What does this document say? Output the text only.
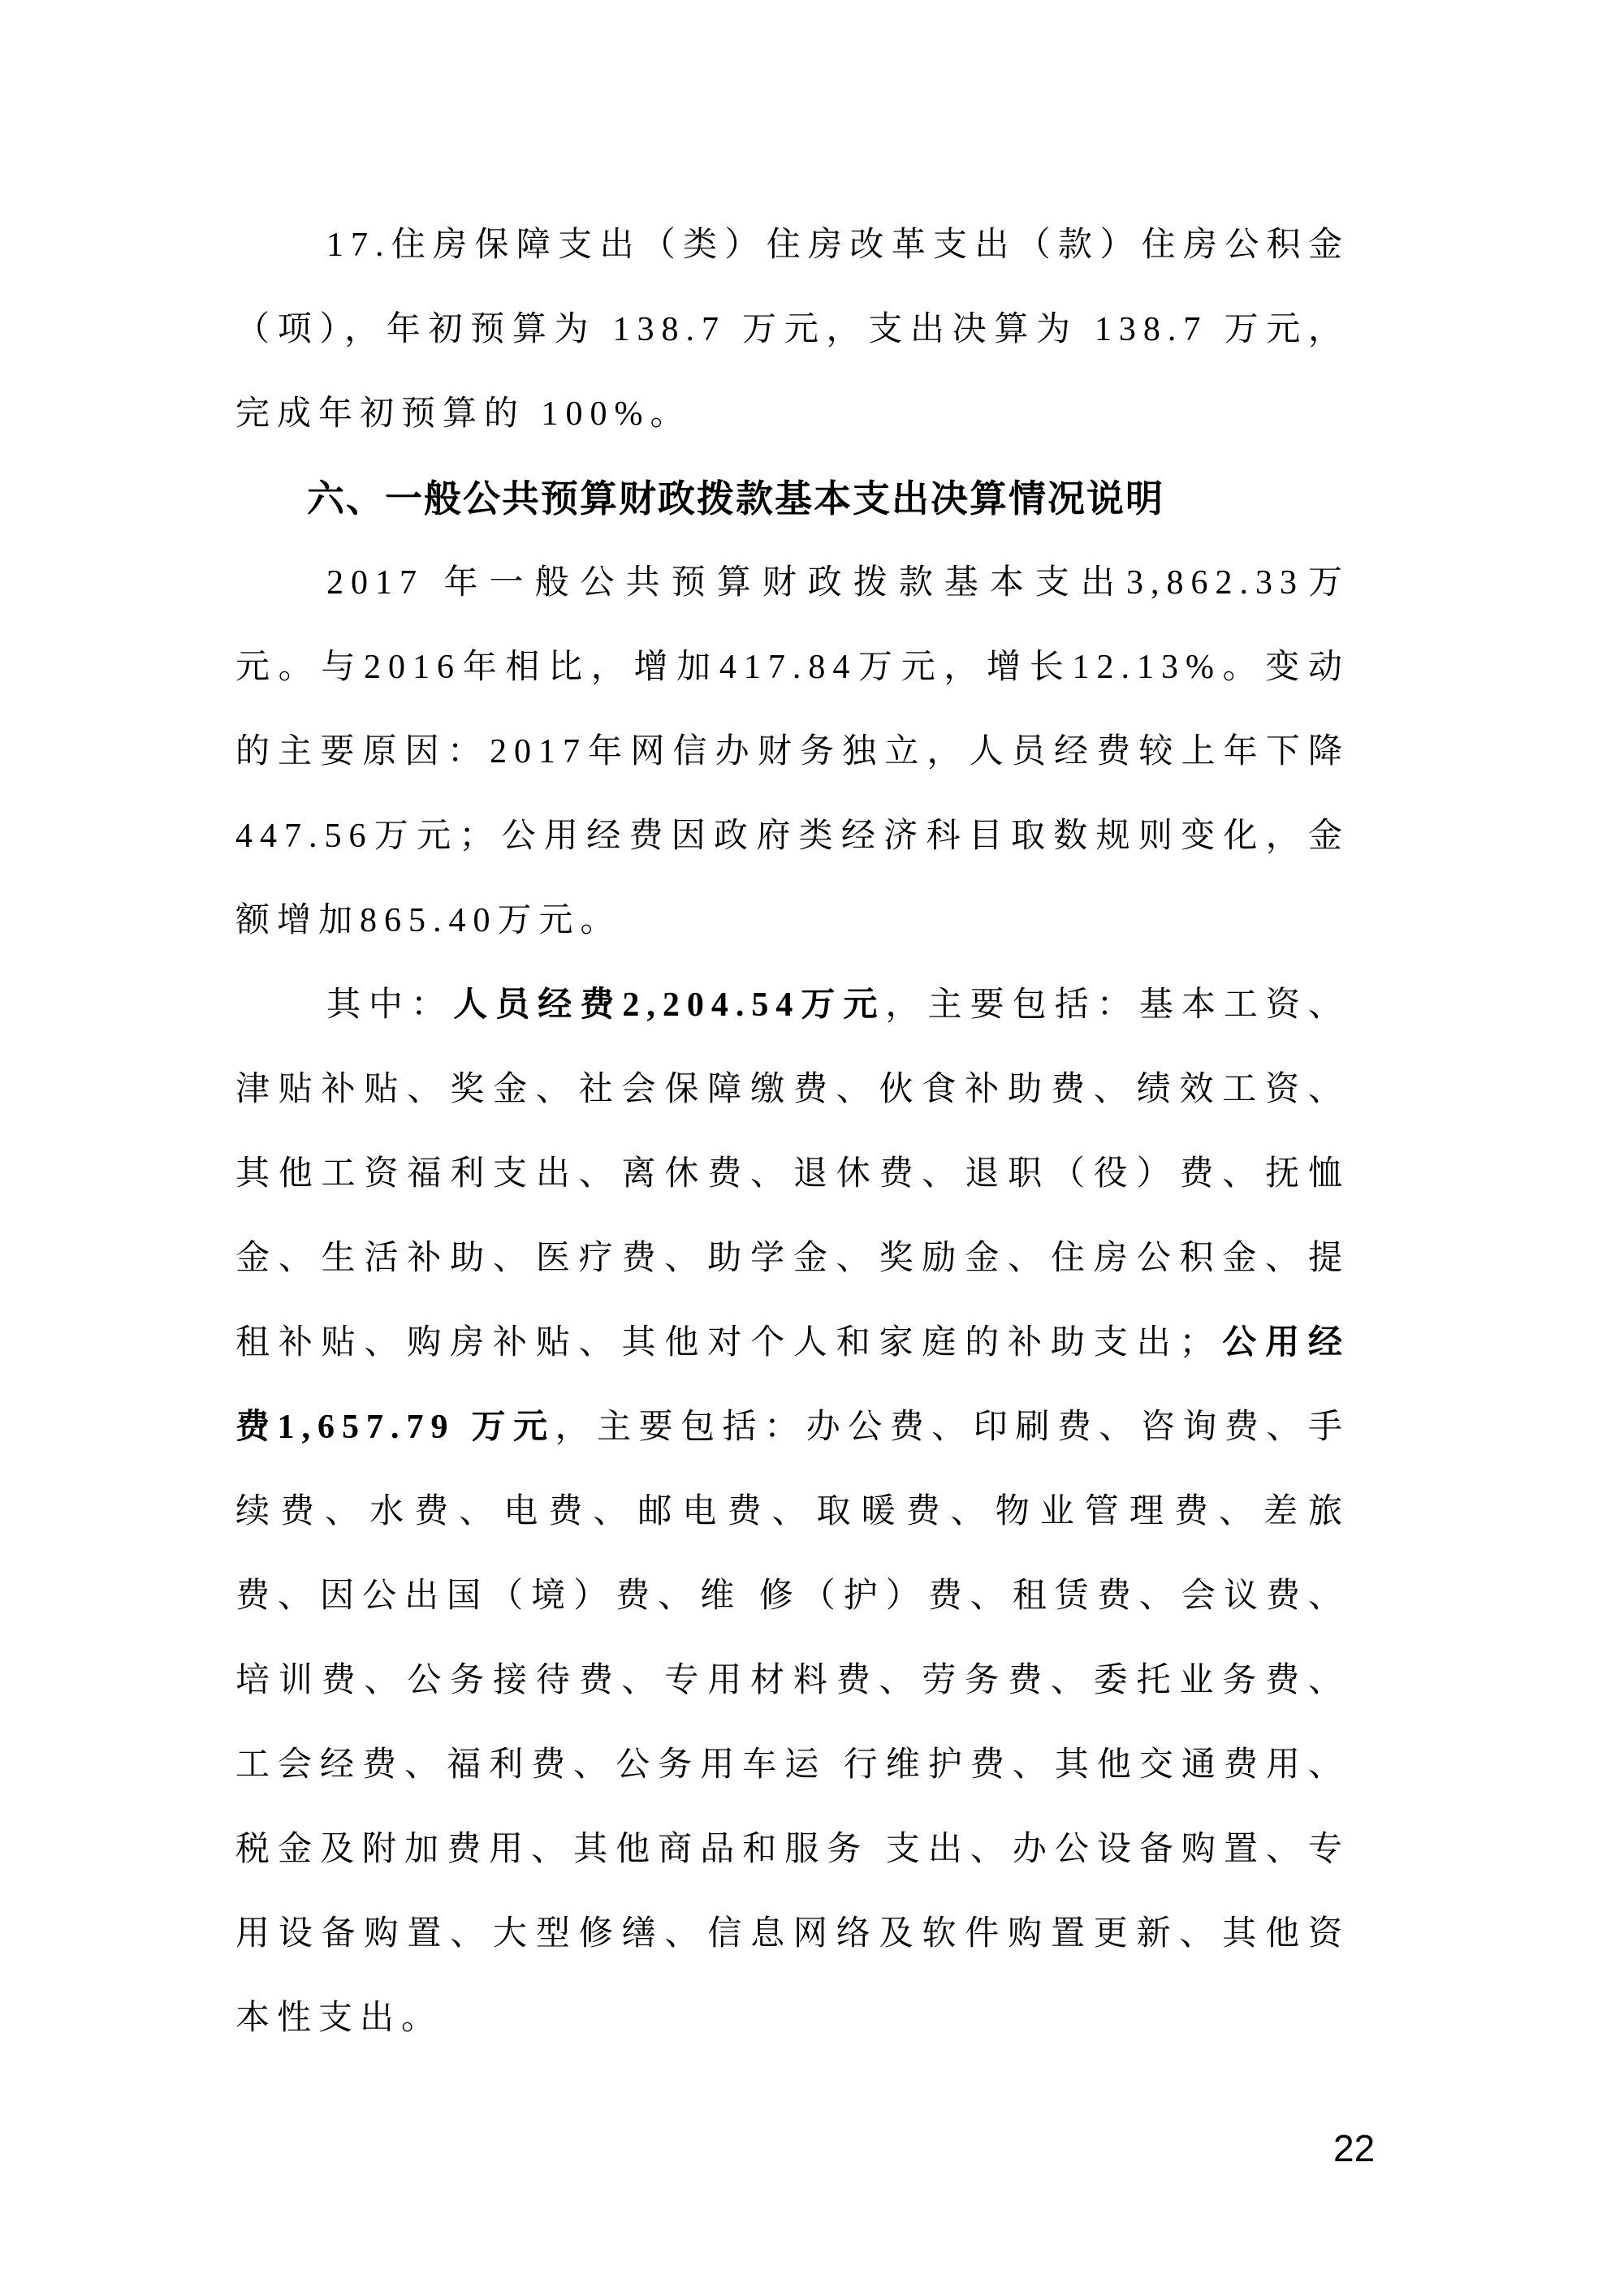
17.住房保障支出（类）住房改革支出（款）住房公积金（项），年初预算为 138.7 万元，支出决算为 138.7 万元，完成年初预算的 100%。

六、一般公共预算财政拨款基本支出决算情况说明

2017 年一般公共预算财政拨款基本支出3,862.33万元。与2016年相比，增加417.84万元，增长12.13%。变动的主要原因：2017年网信办财务独立，人员经费较上年下降447.56万元；公用经费因政府类经济科目取数规则变化，金额增加865.40万元。

其中：人员经费2,204.54万元，主要包括：基本工资、津贴补贴、奖金、社会保障缴费、伙食补助费、绩效工资、其他工资福利支出、离休费、退休费、退职（役）费、抚恤金、生活补助、医疗费、助学金、奖励金、住房公积金、提租补贴、购房补贴、其他对个人和家庭的补助支出；公用经费1,657.79 万元，主要包括：办公费、印刷费、咨询费、手续费、水费、电费、邮电费、取暖费、物业管理费、差旅费、因公出国（境）费、维 修（护）费、租赁费、会议费、培训费、公务接待费、专用材料费、劳务费、委托业务费、工会经费、福利费、公务用车运 行维护费、其他交通费用、税金及附加费用、其他商品和服务 支出、办公设备购置、专用设备购置、大型修缮、信息网络及软件购置更新、其他资本性支出。

22
